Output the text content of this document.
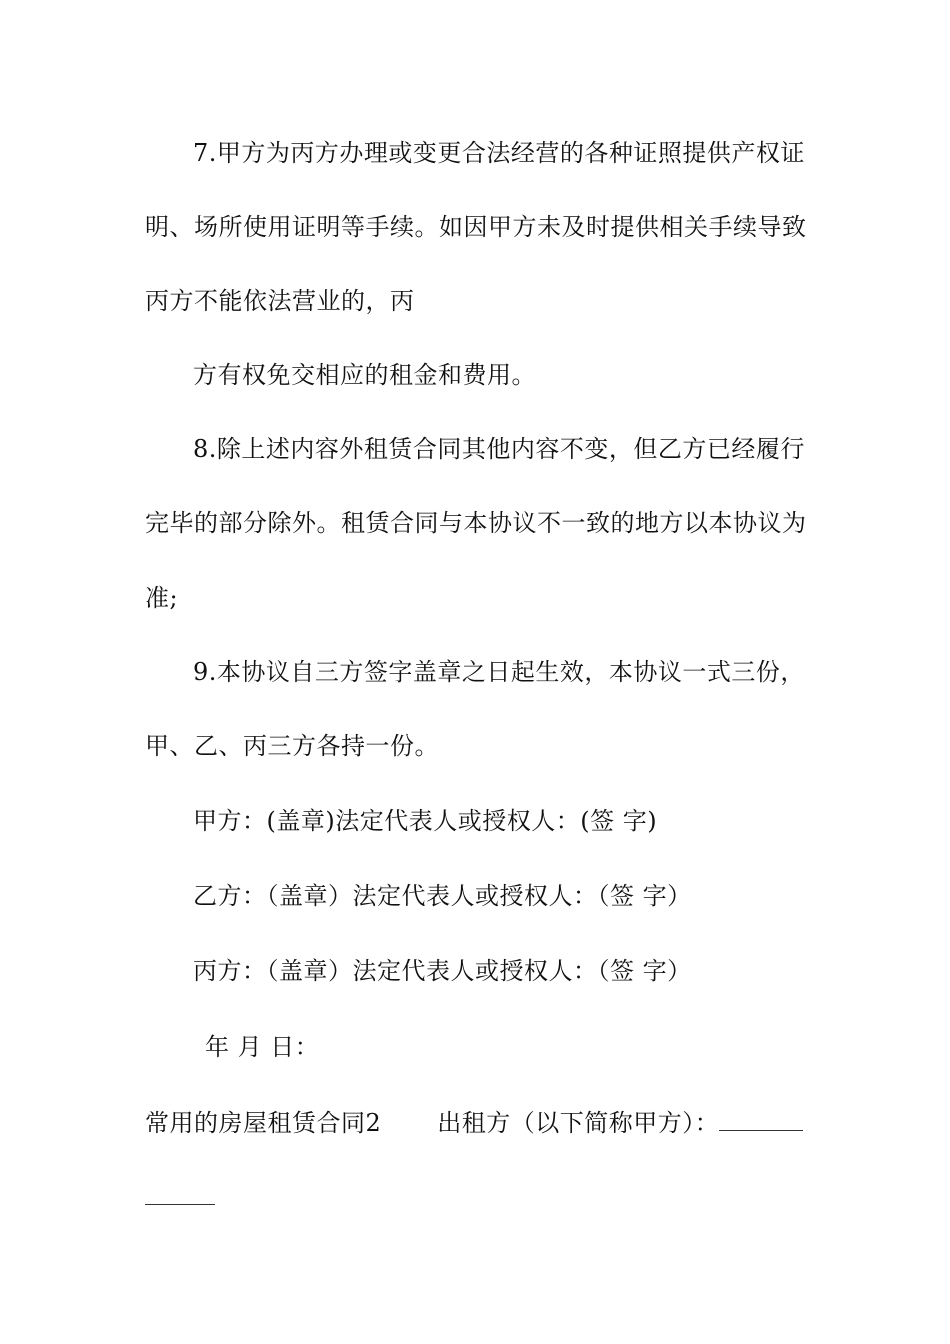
7.甲方为丙方办理或变更合法经营的各种证照提供产权证
明、场所使用证明等手续。如因甲方未及时提供相关手续导致
丙方不能依法营业的，丙
方有权免交相应的租金和费用。
8.除上述内容外租赁合同其他内容不变，但乙方已经履行
完毕的部分除外。租赁合同与本协议不一致的地方以本协议为
准;
9.本协议自三方签字盖章之日起生效，本协议一式三份，
甲、乙、丙三方各持一份。
甲方：(盖章)法定代表人或授权人：(签 字)
乙方：（盖章）法定代表人或授权人：（签 字）
丙方：（盖章）法定代表人或授权人：（签 字）
年 月 日：
常用的房屋租赁合同2 出租方（以下简称甲方）：
